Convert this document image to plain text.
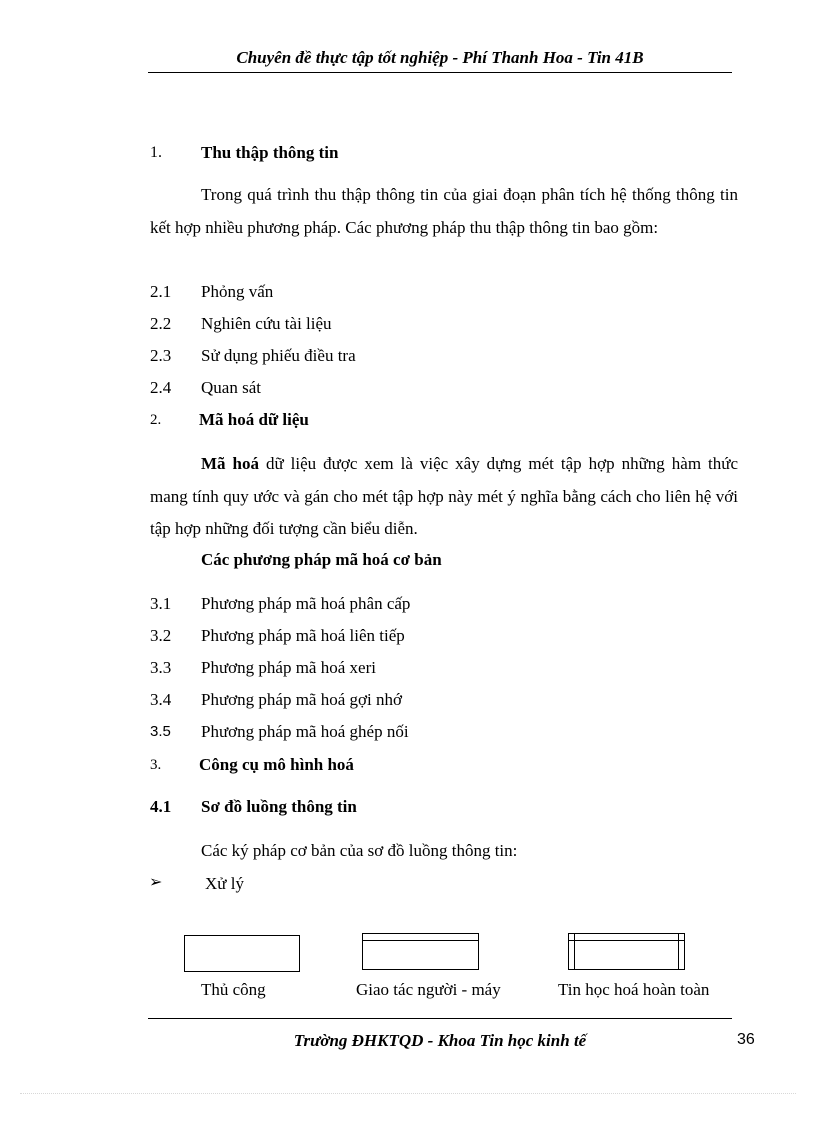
Chuyên đề thực tập tốt nghiệp - Phí Thanh Hoa - Tin 41B
1. Thu thập thông tin
Trong quá trình thu thập thông tin của giai đoạn phân tích hệ thống thông tin kết hợp nhiều phương pháp. Các phương pháp thu thập thông tin bao gồm:
2.1 Phỏng vấn
2.2 Nghiên cứu tài liệu
2.3 Sử dụng phiếu điều tra
2.4 Quan sát
2. Mã hoá dữ liệu
Mã hoá dữ liệu được xem là việc xây dựng mét tập hợp những hàm thức mang tính quy ước và gán cho mét tập hợp này mét ý nghĩa bằng cách cho liên hệ với tập hợp những đối tượng cần biểu diễn.
Các phương pháp mã hoá cơ bản
3.1 Phương pháp mã hoá phân cấp
3.2 Phương pháp mã hoá liên tiếp
3.3 Phương pháp mã hoá xeri
3.4 Phương pháp mã hoá gợi nhớ
3.5 Phương pháp mã hoá ghép nối
3. Công cụ mô hình hoá
4.1 Sơ đồ luồng thông tin
Các ký pháp cơ bản của sơ đồ luồng thông tin:
➢	Xử lý
Thủ công	Giao tác người - máy	Tin học hoá hoàn toàn
Trường ĐHKTQD - Khoa Tin học kinh tế	36
